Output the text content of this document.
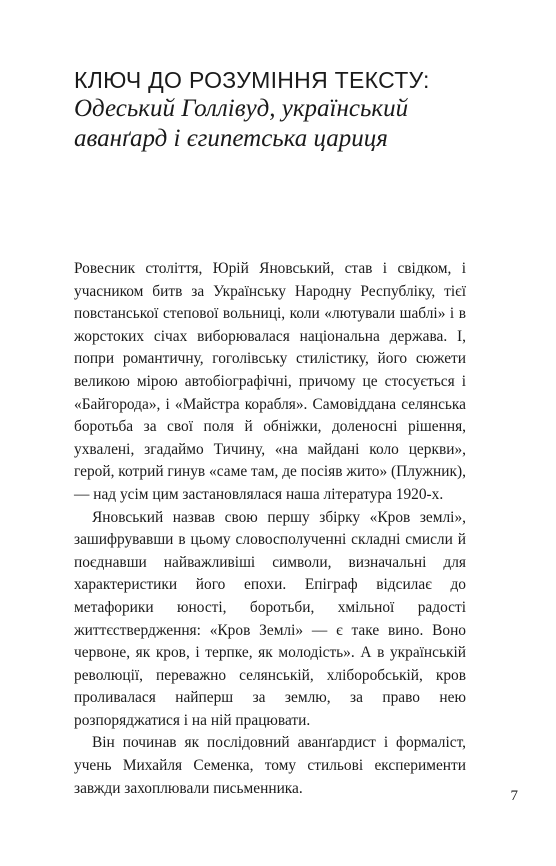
КЛЮЧ ДО РОЗУМІННЯ ТЕКСТУ:
Одеський Голлівуд, український
аванґард і єгипетська цариця

Ровесник століття, Юрій Яновський, став і свідком, і учасником битв за Українську Народну Республіку, тієї повстанської степової вольниці, коли «лютували шаблі» і в жорстоких січах виборювалася національна держава. І, попри романтичну, гоголівську стилістику, його сюжети великою мірою автобіографічні, причому це стосується і «Байгорода», і «Майстра корабля». Самовіддана селянська боротьба за свої поля й обніжки, доленосні рішення, ухвалені, згадаймо Тичину, «на майдані коло церкви», герой, котрий гинув «саме там, де посіяв жито» (Плужник), — над усім цим застановлялася наша література 1920-х.

Яновський назвав свою першу збірку «Кров землі», зашифрувавши в цьому словосполученні складні смисли й поєднавши найважливіші символи, визначальні для характеристики його епохи. Епіграф відсилає до метафорики юності, боротьби, хмільної радості життєствердження: «Кров Землі» — є таке вино. Воно червоне, як кров, і терпке, як молодість». А в українській революції, переважно селянській, хліборобській, кров проливалася найперш за землю, за право нею розпоряджатися і на ній працювати.

Він починав як послідовний аванґардист і формаліст, учень Михайля Семенка, тому стильові експерименти завжди захоплювали письменника.	7
